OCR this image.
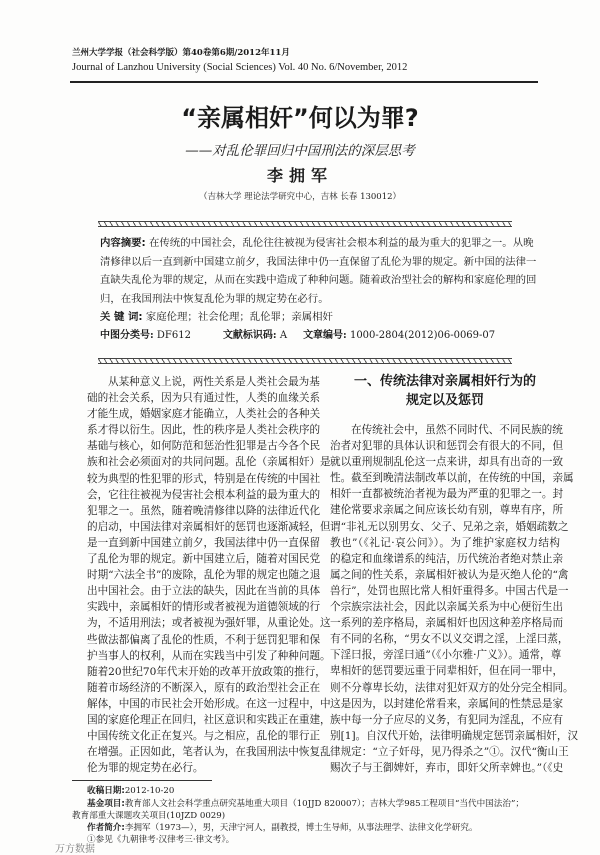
兰州大学学报（社会科学版）第40卷第6期/2012年11月
Journal of Lanzhou University (Social Sciences) Vol. 40 No. 6/November, 2012
“亲属相奸”何以为罪?
——对乱伦罪回归中国刑法的深层思考
李拥军
（吉林大学 理论法学研究中心，吉林 长春 130012）
内容摘要: 在传统的中国社会，乱伦往往被视为侵害社会根本利益的最为重大的犯罪之一。从晚
清修律以后一直到新中国建立前夕，我国法律中仍一直保留了乱伦为罪的规定。新中国的法律一
直缺失乱伦为罪的规定，从而在实践中造成了种种问题。随着政治型社会的解构和家庭伦理的回
归，在我国刑法中恢复乱伦为罪的规定势在必行。
关 键 词: 家庭伦理；社会伦理；乱伦罪；亲属相奸
中图分类号: DF612	文献标识码: A 文章编号: 1000-2804(2012)06-0069-07
从某种意义上说，两性关系是人类社会最为基
础的社会关系，因为只有通过性，人类的血缘关系
才能生成，婚姻家庭才能确立，人类社会的各种关
系才得以衍生。因此，性的秩序是人类社会秩序的
基础与核心，如何防范和惩治性犯罪是古今各个民
族和社会必须面对的共同问题。乱伦（亲属相奸）是
较为典型的性犯罪的形式，特别是在传统的中国社
会，它往往被视为侵害社会根本利益的最为重大的
犯罪之一。虽然，随着晚清修律以降的法律近代化
的启动，中国法律对亲属相奸的惩罚也逐渐减轻，但
是一直到新中国建立前夕，我国法律中仍一直保留
了乱伦为罪的规定。新中国建立后，随着对国民党
时期“六法全书”的废除，乱伦为罪的规定也随之退
出中国社会。由于立法的缺失，因此在当前的具体
实践中，亲属相奸的情形或者被视为道德领域的行
为，不适用刑法；或者被视为强奸罪，从重论处。这
些做法都偏离了乱伦的性质，不利于惩罚犯罪和保
护当事人的权利，从而在实践当中引发了种种问题。
随着20世纪70年代末开始的改革开放政策的推行，
随着市场经济的不断深入，原有的政治型社会正在
解体，中国的市民社会开始形成。在这一过程中，中
国的家庭伦理正在回归，社区意识和实践正在重建，
中国传统文化正在复兴。与之相应，乱伦的罪行正
在增强。正因如此，笔者认为，在我国刑法中恢复乱
伦为罪的规定势在必行。
一、传统法律对亲属相奸行为的
规定以及惩罚
在传统社会中，虽然不同时代、不同民族的统
治者对犯罪的具体认识和惩罚会有很大的不同，但
就以重刑规制乱伦这一点来讲，却具有出奇的一致
性。截至到晚清法制改革以前，在传统的中国，亲属
相奸一直都被统治者视为最为严重的犯罪之一。封
建伦常要求亲属之间应该长幼有别，尊卑有序，所
谓“非礼无以别男女、父子、兄弟之亲，婚姻疏数之
教也”（《礼记·哀公问》）。为了维护家庭权力结构
的稳定和血缘谱系的纯洁，历代统治者绝对禁止亲
属之间的性关系，亲属相奸被认为是灭绝人伦的“禽
兽行”，处罚也照比常人相奸重得多。中国古代是一
个宗族宗法社会，因此以亲属关系为中心便衍生出
一系列的差序格局，亲属相奸也因这种差序格局而
有不同的名称，“男女不以义交谓之淫，上淫曰蒸，
下淫曰报，旁淫曰通”（《小尔雅·广义》）。通常，尊
卑相奸的惩罚要远重于同辈相奸，但在同一罪中，
则不分尊卑长幼，法律对犯奸双方的处分完全相同。
这是因为，以封建伦常看来，亲属间的性禁忌是家
族中每一分子应尽的义务，有犯同为淫乱，不应有
别[1]。自汉代开始，法律明确规定惩罚亲属相奸，汉
律规定：“立子奸母，见乃得杀之”①。汉代“衡山王
赐次子与王御婢奸，弃市，即奸父所幸婢也。”（《史
收稿日期:2012-10-20
基金项目:教育部人文社会科学重点研究基地重大项目（10JJD 820007）；吉林大学985工程项目“当代中国法治”；
教育部重大课题攻关项目(10JZD 0029)
作者简介:李拥军（1973—），男，天津宁河人，副教授，博士生导师，从事法理学、法律文化学研究。
①参见《九朝律考·汉律考三·律文考》。
万方数据
